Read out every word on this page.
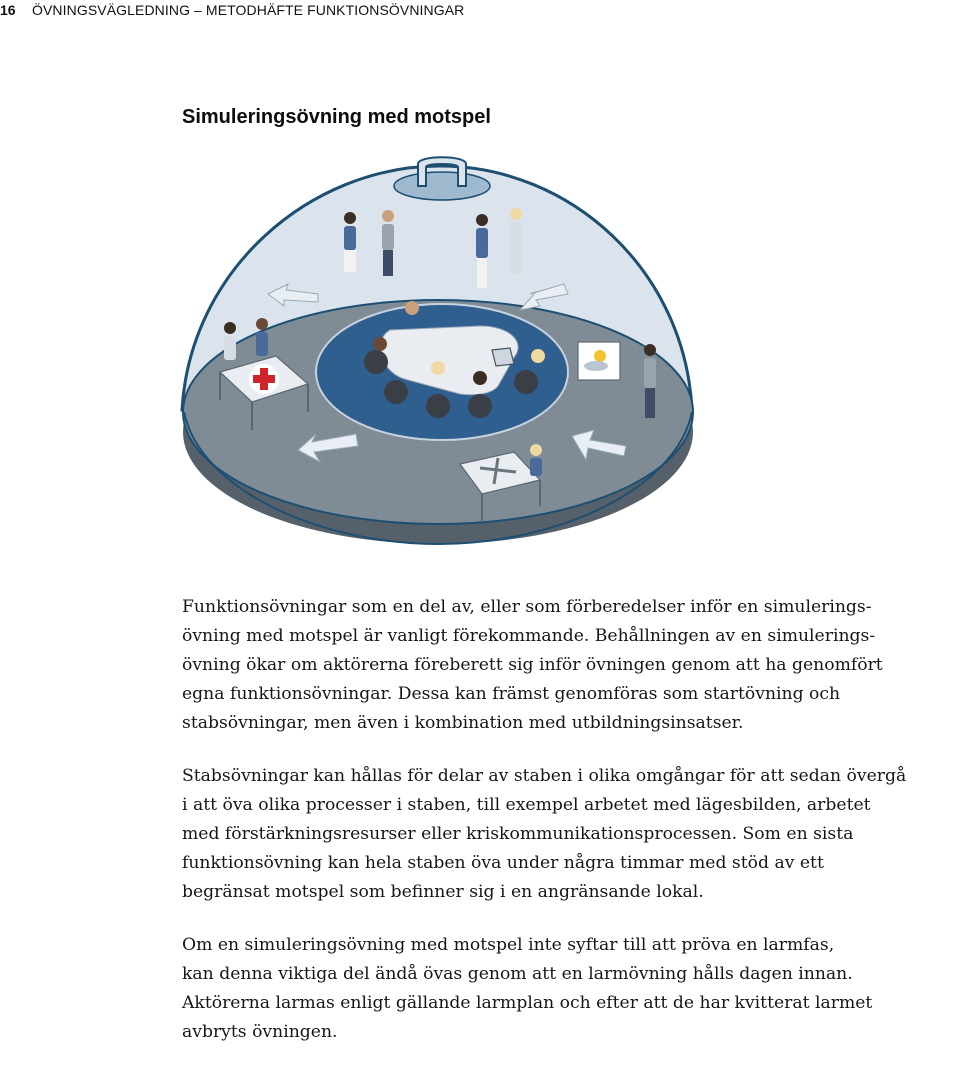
16 ÖVNINGSVÄGLEDNING – METODHÄFTE FUNKTIONSÖVNINGAR
Simuleringsövning med motspel

Funktionsövningar som en del av, eller som förberedelser inför en simulerings-
övning med motspel är vanligt förekommande. Behållningen av en simulerings-
övning ökar om aktörerna föreberett sig inför övningen genom att ha genomfört
egna funktionsövningar. Dessa kan främst genomföras som startövning och
stabsövningar, men även i kombination med utbildningsinsatser.

Stabsövningar kan hållas för delar av staben i olika omgångar för att sedan övergå
i att öva olika processer i staben, till exempel arbetet med lägesbilden, arbetet
med förstärkningsresurser eller kriskommunikationsprocessen. Som en sista
funktionsövning kan hela staben öva under några timmar med stöd av ett
begränsat motspel som befinner sig i en angränsande lokal.

Om en simuleringsövning med motspel inte syftar till att pröva en larmfas,
kan denna viktiga del ändå övas genom att en larmövning hålls dagen innan.
Aktörerna larmas enligt gällande larmplan och efter att de har kvitterat larmet
avbryts övningen.
